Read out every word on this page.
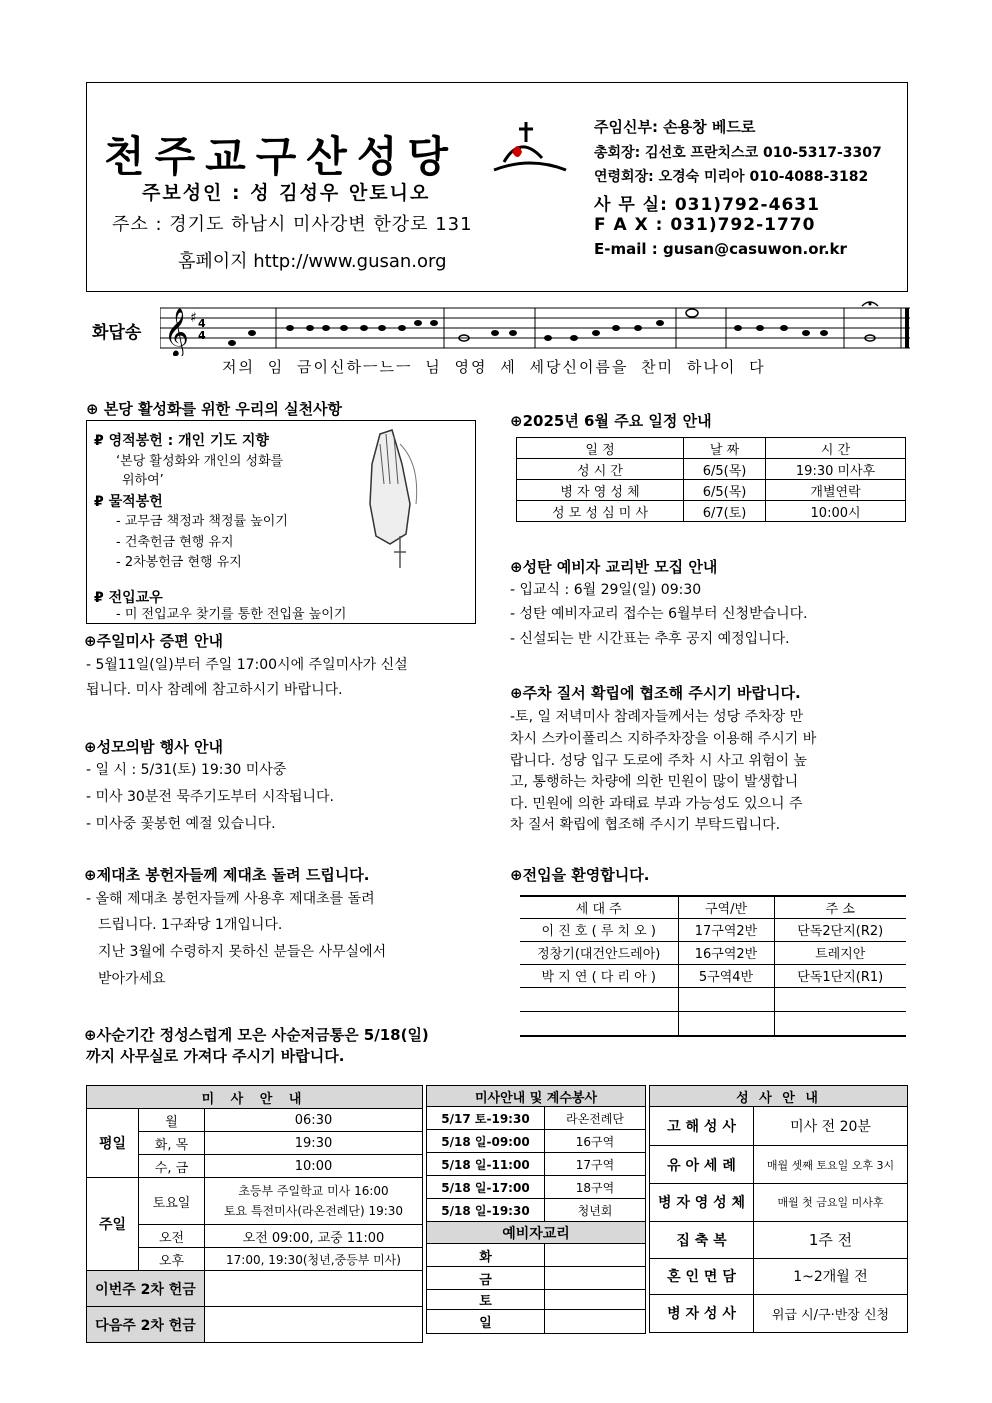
천주교구산성당
주보성인 : 성 김성우 안토니오
주소 : 경기도 하남시 미사강변 한강로 131
홈페이지 http://www.gusan.org
주임신부: 손용창 베드로
총회장: 김선호 프란치스코 010-5317-3307
연령회장: 오경숙 미리아 010-4088-3182
사 무 실: 031)792-4631
F A X : 031)792-1770
E-mail : gusan@casuwon.or.kr
화답송 𝄞 ♯ 4
4
저의 임 금이신하ㅡ느ㅡ 님 영영 세 세당신이름을 찬미 하나이 다
⊕ 본당 활성화를 위한 우리의 실천사항
₽ 영적봉헌 : 개인 기도 지향
‘본당 활성화와 개인의 성화를
위하여’
₽ 물적봉헌
- 교무금 책정과 책정률 높이기
- 건축헌금 현행 유지
- 2차봉헌금 현행 유지
₽ 전입교우
- 미 전입교우 찾기를 통한 전입율 높이기
⊕주일미사 증편 안내
- 5월11일(일)부터 주일 17:00시에 주일미사가 신설
됩니다. 미사 참례에 참고하시기 바랍니다.
⊕성모의밤 행사 안내
- 일 시 : 5/31(토) 19:30 미사중
- 미사 30분전 묵주기도부터 시작됩니다.
- 미사중 꽃봉헌 예절 있습니다.
⊕제대초 봉헌자들께 제대초 돌려 드립니다.
- 올해 제대초 봉헌자들께 사용후 제대초를 돌려
드립니다. 1구좌당 1개입니다.
지난 3월에 수령하지 못하신 분들은 사무실에서
받아가세요
⊕사순기간 정성스럽게 모은 사순저금통은 5/18(일)
까지 사무실로 가져다 주시기 바랍니다.
⊕2025년 6월 주요 일정 안내
일 정	날 짜	시 간
성 시 간	6/5(목)	19:30 미사후
병 자 영 성 체	6/5(목)	개별연락
성 모 성 심 미 사	6/7(토)	10:00시
⊕성탄 예비자 교리반 모집 안내
- 입교식 : 6월 29일(일) 09:30
- 성탄 예비자교리 접수는 6월부터 신청받습니다.
- 신설되는 반 시간표는 추후 공지 예정입니다.
⊕주차 질서 확립에 협조해 주시기 바랍니다.
-토, 일 저녁미사 참례자들께서는 성당 주차장 만
차시 스카이폴리스 지하주차장을 이용해 주시기 바
랍니다. 성당 입구 도로에 주차 시 사고 위험이 높
고, 통행하는 차량에 의한 민원이 많이 발생합니
다. 민원에 의한 과태료 부과 가능성도 있으니 주
차 질서 확립에 협조해 주시기 부탁드립니다.
⊕전입을 환영합니다.
세 대 주	구역/반	주 소
이 진 호 ( 루 치 오 )	17구역2반	단독2단지(R2)
정창기(대건안드레아)	16구역2반	트레지안
박 지 연 ( 다 리 아 )	5구역4반	단독1단지(R1)

미 사 안 내		
평일	월	06:30
	화, 목	19:30
	수, 금	10:00
주일	토요일	초등부 주일학교 미사 16:00
토요 특전미사(라온전례단) 19:30

	오전	오전 09:00, 교중 11:00
	오후	17:00, 19:30(청년,중등부 미사)
이번주 2차 헌금		
다음주 2차 헌금		
미사안내 및 계수봉사	
5/17 토-19:30	라온전례단
5/18 일-09:00	16구역
5/18 일-11:00	17구역
5/18 일-17:00	18구역
5/18 일-19:30	청년회
예비자교리	
화	
금	
토	
일	
성 사 안 내	
고 해 성 사	미사 전 20분
유 아 세 례	매월 셋째 토요일 오후 3시
병 자 영 성 체	매월 첫 금요일 미사후
집 축 복	1주 전
혼 인 면 담	1~2개월 전
병 자 성 사	위급 시/구·반장 신청
